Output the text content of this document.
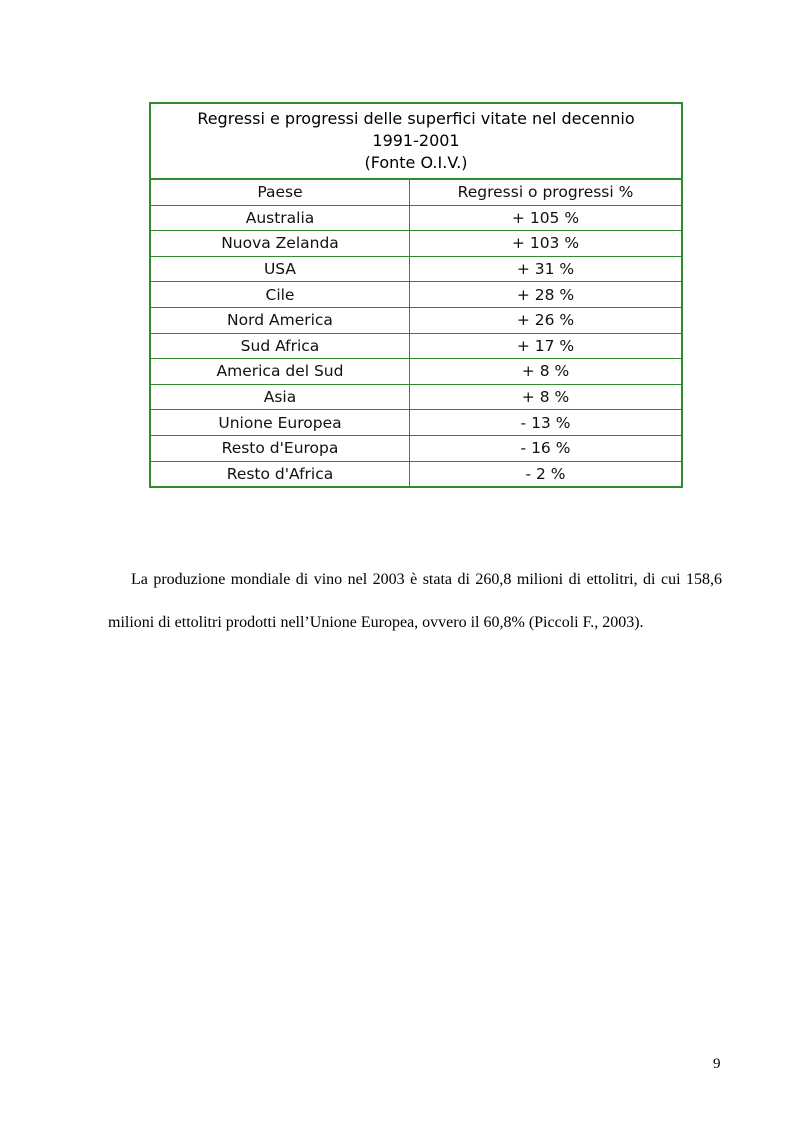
Regressi e progressi delle superfici vitate nel decennio
1991-2001
(Fonte O.I.V.)
Paese	Regressi o progressi %
Australia	+ 105 %
Nuova Zelanda	+ 103 %
USA	+ 31 %
Cile	+ 28 %
Nord America	+ 26 %
Sud Africa	+ 17 %
America del Sud	+ 8 %
Asia	+ 8 %
Unione Europea	- 13 %
Resto d'Europa	- 16 %
Resto d'Africa	- 2 %

La produzione mondiale di vino nel 2003 è stata di 260,8 milioni di ettolitri, di cui 158,6 milioni di ettolitri prodotti nell’Unione Europea, ovvero il 60,8% (Piccoli F., 2003).

9
